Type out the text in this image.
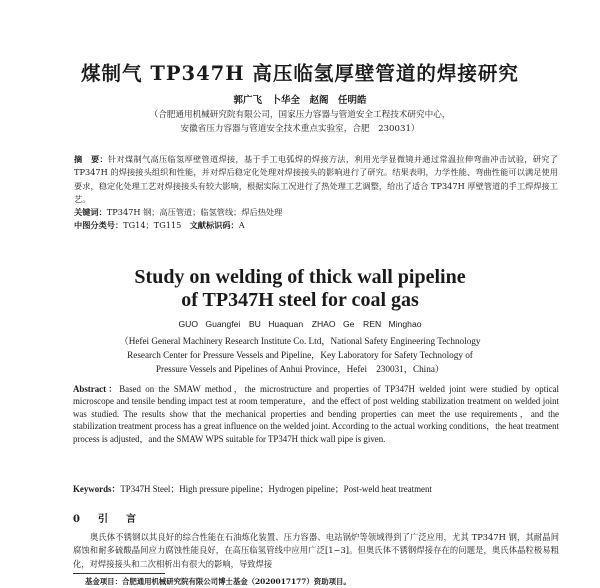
煤制气 TP347H 高压临氢厚壁管道的焊接研究
郭广飞　卜华全　赵阁　任明皓
（合肥通用机械研究院有限公司，国家压力容器与管道安全工程技术研究中心，
安徽省压力容器与管道安全技术重点实验室，合肥　230031）
摘　要：针对煤制气高压临氢厚壁管道焊接，基于手工电弧焊的焊接方法，利用光学显微镜并通过常温拉伸弯曲冲击试验，研究了 TP347H 的焊接接头组织和性能，并对焊后稳定化处理对焊接接头的影响进行了研究。结果表明，力学性能、弯曲性能可以满足使用要求，稳定化处理工艺对焊接接头有较大影响，根据实际工况进行了热处理工艺调整，给出了适合 TP347H 厚壁管道的手工焊焊接工艺。
关键词：TP347H 钢；高压管道；临氢管线；焊后热处理
中图分类号：TG14；TG115　 文献标识码：A
Study on welding of thick wall pipeline
of TP347H steel for coal gas
GUO Guangfei　BU Huaquan　ZHAO Ge　REN Minghao
（Hefei General Machinery Research Institute Co. Ltd，National Safety Engineering Technology
Research Center for Pressure Vessels and Pipeline，Key Laboratory for Safety Technology of
Pressure Vessels and Pipelines of Anhui Province，Hefei　230031，China）
Abstract：Based on the SMAW method，the microstructure and properties of TP347H welded joint were studied by optical microscope and tensile bending impact test at room temperature，and the effect of post welding stabilization treatment on welded joint was studied. The results show that the mechanical properties and bending properties can meet the use requirements，and the stabilization treatment process has a great influence on the welded joint. According to the actual working conditions，the heat treatment process is adjusted，and the SMAW WPS suitable for TP347H thick wall pipe is given.
Keywords：TP347H Steel；High pressure pipeline；Hydrogen pipeline；Post-weld heat treatment
0　引　言
奥氏体不锈钢以其良好的综合性能在石油炼化装置、压力容器、电站锅炉等领域得到了广泛应用，尤其 TP347H 钢，其耐晶间腐蚀和耐多硫酸晶间应力腐蚀性能良好，在高压临氢管线中应用广泛[1−3]。但奥氏体不锈钢焊接存在的问题是，奥氏体晶粒极易粗化，对焊接接头和二次相析出有很大的影响，导致焊接
基金项目：合肥通用机械研究院有限公司博士基金（2020017177）资助项目。
